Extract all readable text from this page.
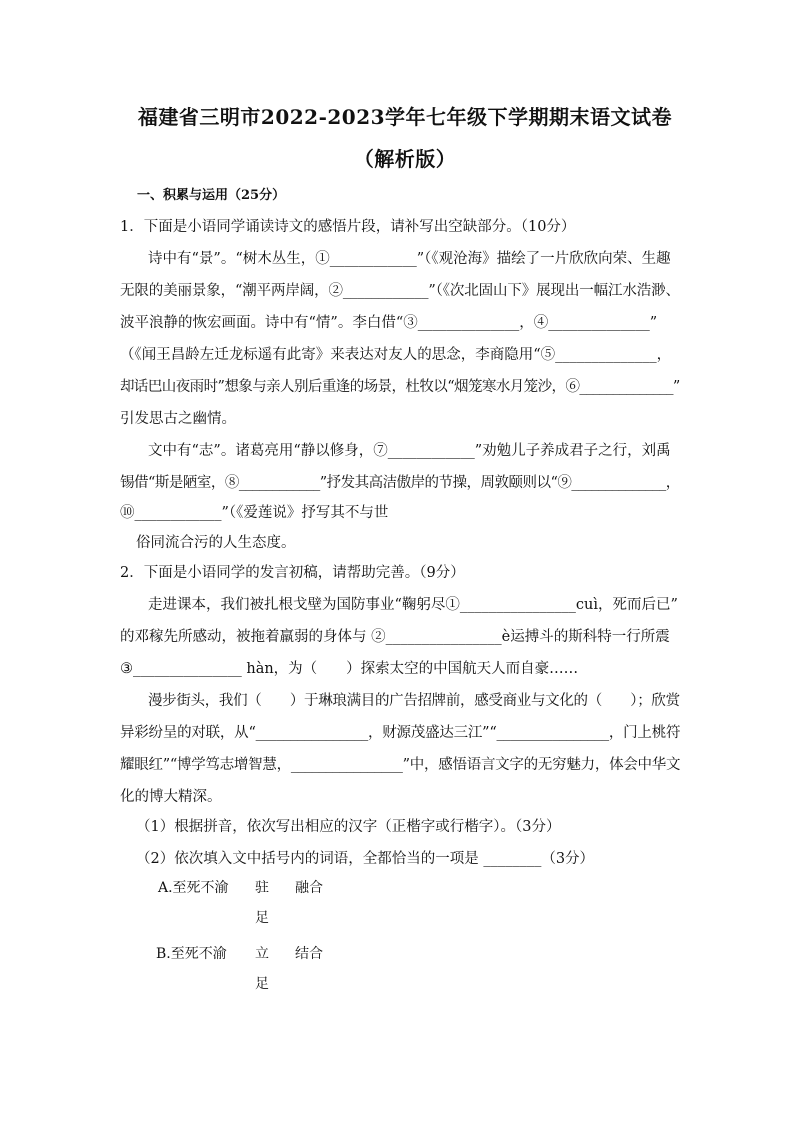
福建省三明市2022-2023学年七年级下学期期末语文试卷（解析版）
一、积累与运用（25分）
1．下面是小语同学诵读诗文的感悟片段，请补写出空缺部分。（10分）
诗中有“景”。“树木丛生，①____________”（《观沧海》描绘了一片欣欣向荣、生趣
无限的美丽景象，“潮平两岸阔，②____________”（《次北固山下》展现出一幅江水浩渺、
波平浪静的恢宏画面。诗中有“情”。李白借“③______________，④______________”
（《闻王昌龄左迁龙标遥有此寄》来表达对友人的思念，李商隐用“⑤______________，
却话巴山夜雨时”想象与亲人别后重逢的场景，杜牧以“烟笼寒水月笼沙，⑥______________”
引发思古之幽情。
文中有“志”。诸葛亮用“静以修身，⑦____________”劝勉儿子养成君子之行，刘禹
锡借“斯是陋室，⑧____________”抒发其高洁傲岸的节操，周敦颐则以“⑨______________，
⑩____________”（《爱莲说》抒写其不与世
俗同流合污的人生态度。
2．下面是小语同学的发言初稿，请帮助完善。（9分）
走进课本，我们被扎根戈壁为国防事业“鞠躬尽①________________cuì，死而后已”
的邓稼先所感动，被拖着羸弱的身体与 ②________________è运搏斗的斯科特一行所震
③_______________ hàn，为（　　）探索太空的中国航天人而自豪……
漫步街头，我们（　　）于琳琅满目的广告招牌前，感受商业与文化的（　　）；欣赏
异彩纷呈的对联，从“________________，财源茂盛达三江”“________________，门上桃符
耀眼红”“博学笃志增智慧，________________”中，感悟语言文字的无穷魅力，体会中华文
化的博大精深。
（1）根据拼音，依次写出相应的汉字（正楷字或行楷字）。（3分）
（2）依次填入文中括号内的词语，全都恰当的一项是 ________（3分）
A.至死不渝 驻
足
融合
B.至死不渝 立
足
结合
